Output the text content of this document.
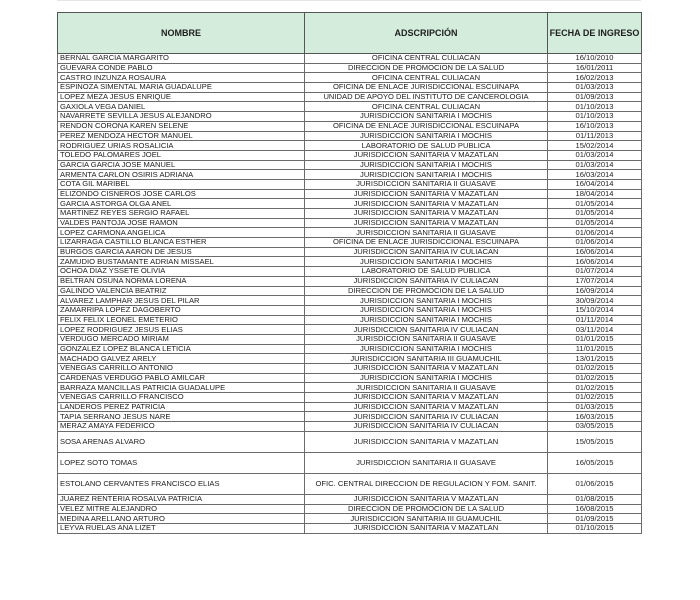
NOMBRE	ADSCRIPCIÓN	FECHA DE INGRESO
BERNAL GARCIA MARGARITO	OFICINA CENTRAL CULIACAN	16/10/2010
GUEVARA CONDE PABLO	DIRECCION DE PROMOCION DE LA SALUD	16/01/2011
CASTRO INZUNZA ROSAURA	OFICINA CENTRAL CULIACAN	16/02/2013
ESPINOZA SIMENTAL MARIA GUADALUPE	OFICINA DE ENLACE JURISDICCIONAL ESCUINAPA	01/03/2013
LOPEZ MEZA JESUS ENRIQUE	UNIDAD DE APOYO DEL INSTITUTO DE CANCEROLOGIA	01/09/2013
GAXIOLA VEGA DANIEL	OFICINA CENTRAL CULIACAN	01/10/2013
NAVARRETE SEVILLA JESUS ALEJANDRO	JURISDICCION SANITARIA I MOCHIS	01/10/2013
RENDON CORONA KAREN SELENE	OFICINA DE ENLACE JURISDICCIONAL ESCUINAPA	16/10/2013
PEREZ MENDOZA HECTOR MANUEL	JURISDICCION SANITARIA I MOCHIS	01/11/2013
RODRIGUEZ URIAS ROSALICIA	LABORATORIO DE SALUD PUBLICA	15/02/2014
TOLEDO PALOMARES JOEL	JURISDICCION SANITARIA V MAZATLAN	01/03/2014
GARCIA GARCIA JOSE MANUEL	JURISDICCION SANITARIA I MOCHIS	01/03/2014
ARMENTA CARLON OSIRIS ADRIANA	JURISDICCION SANITARIA I MOCHIS	16/03/2014
COTA GIL MARIBEL	JURISDICCION SANITARIA II GUASAVE	16/04/2014
ELIZONDO CISNEROS JOSE CARLOS	JURISDICCION SANITARIA V MAZATLAN	18/04/2014
GARCIA ASTORGA OLGA ANEL	JURISDICCION SANITARIA V MAZATLAN	01/05/2014
MARTINEZ REYES SERGIO RAFAEL	JURISDICCION SANITARIA V MAZATLAN	01/05/2014
VALDES PANTOJA JOSE RAMON	JURISDICCION SANITARIA V MAZATLAN	01/05/2014
LOPEZ CARMONA ANGELICA	JURISDICCION SANITARIA II GUASAVE	01/06/2014
LIZARRAGA CASTILLO BLANCA ESTHER	OFICINA DE ENLACE JURISDICCIONAL ESCUINAPA	01/06/2014
BURGOS GARCIA AARON DE JESUS	JURISDICCION SANITARIA IV CULIACAN	16/06/2014
ZAMUDIO BUSTAMANTE ADRIAN MISSAEL	JURISDICCION SANITARIA I MOCHIS	16/06/2014
OCHOA DIAZ YSSETE OLIVIA	LABORATORIO DE SALUD PUBLICA	01/07/2014
BELTRAN OSUNA NORMA LORENA	JURISDICCION SANITARIA IV CULIACAN	17/07/2014
GALINDO VALENCIA BEATRIZ	DIRECCION DE PROMOCION DE LA SALUD	16/09/2014
ALVAREZ LAMPHAR JESUS DEL PILAR	JURISDICCION SANITARIA I MOCHIS	30/09/2014
ZAMARRIPA LOPEZ DAGOBERTO	JURISDICCION SANITARIA I MOCHIS	15/10/2014
FELIX FELIX LEONEL EMETERIO	JURISDICCION SANITARIA I MOCHIS	01/11/2014
LOPEZ RODRIGUEZ JESUS ELIAS	JURISDICCION SANITARIA IV CULIACAN	03/11/2014
VERDUGO MERCADO MIRIAM	JURISDICCION SANITARIA II GUASAVE	01/01/2015
GONZALEZ LOPEZ BLANCA LETICIA	JURISDICCION SANITARIA I MOCHIS	11/01/2015
MACHADO GALVEZ ARELY	JURISDICCION SANITARIA III GUAMUCHIL	13/01/2015
VENEGAS CARRILLO ANTONIO	JURISDICCION SANITARIA V MAZATLAN	01/02/2015
CARDENAS VERDUGO PABLO AMILCAR	JURISDICCION SANITARIA I MOCHIS	01/02/2015
BARRAZA MANCILLAS PATRICIA GUADALUPE	JURISDICCION SANITARIA II GUASAVE	01/02/2015
VENEGAS CARRILLO FRANCISCO	JURISDICCION SANITARIA V MAZATLAN	01/02/2015
LANDEROS PEREZ PATRICIA	JURISDICCION SANITARIA V MAZATLAN	01/03/2015
TAPIA SERRANO JESUS NARE	JURISDICCION SANITARIA IV CULIACAN	16/03/2015
MERAZ AMAYA FEDERICO	JURISDICCION SANITARIA IV CULIACAN	03/05/2015
SOSA ARENAS ALVARO	JURISDICCION SANITARIA V MAZATLAN	15/05/2015
LOPEZ SOTO TOMAS	JURISDICCION SANITARIA II GUASAVE	16/05/2015
ESTOLANO CERVANTES FRANCISCO ELIAS	OFIC. CENTRAL DIRECCION DE REGULACION Y FOM. SANIT.	01/06/2015
JUAREZ RENTERIA ROSALVA PATRICIA	JURISDICCION SANITARIA V MAZATLAN	01/08/2015
VELEZ MITRE ALEJANDRO	DIRECCION DE PROMOCION DE LA SALUD	16/08/2015
MEDINA ARELLANO ARTURO	JURISDICCION SANITARIA III GUAMUCHIL	01/09/2015
LEYVA RUELAS ANA LIZET	JURISDICCION SANITARIA V MAZATLAN	01/10/2015
